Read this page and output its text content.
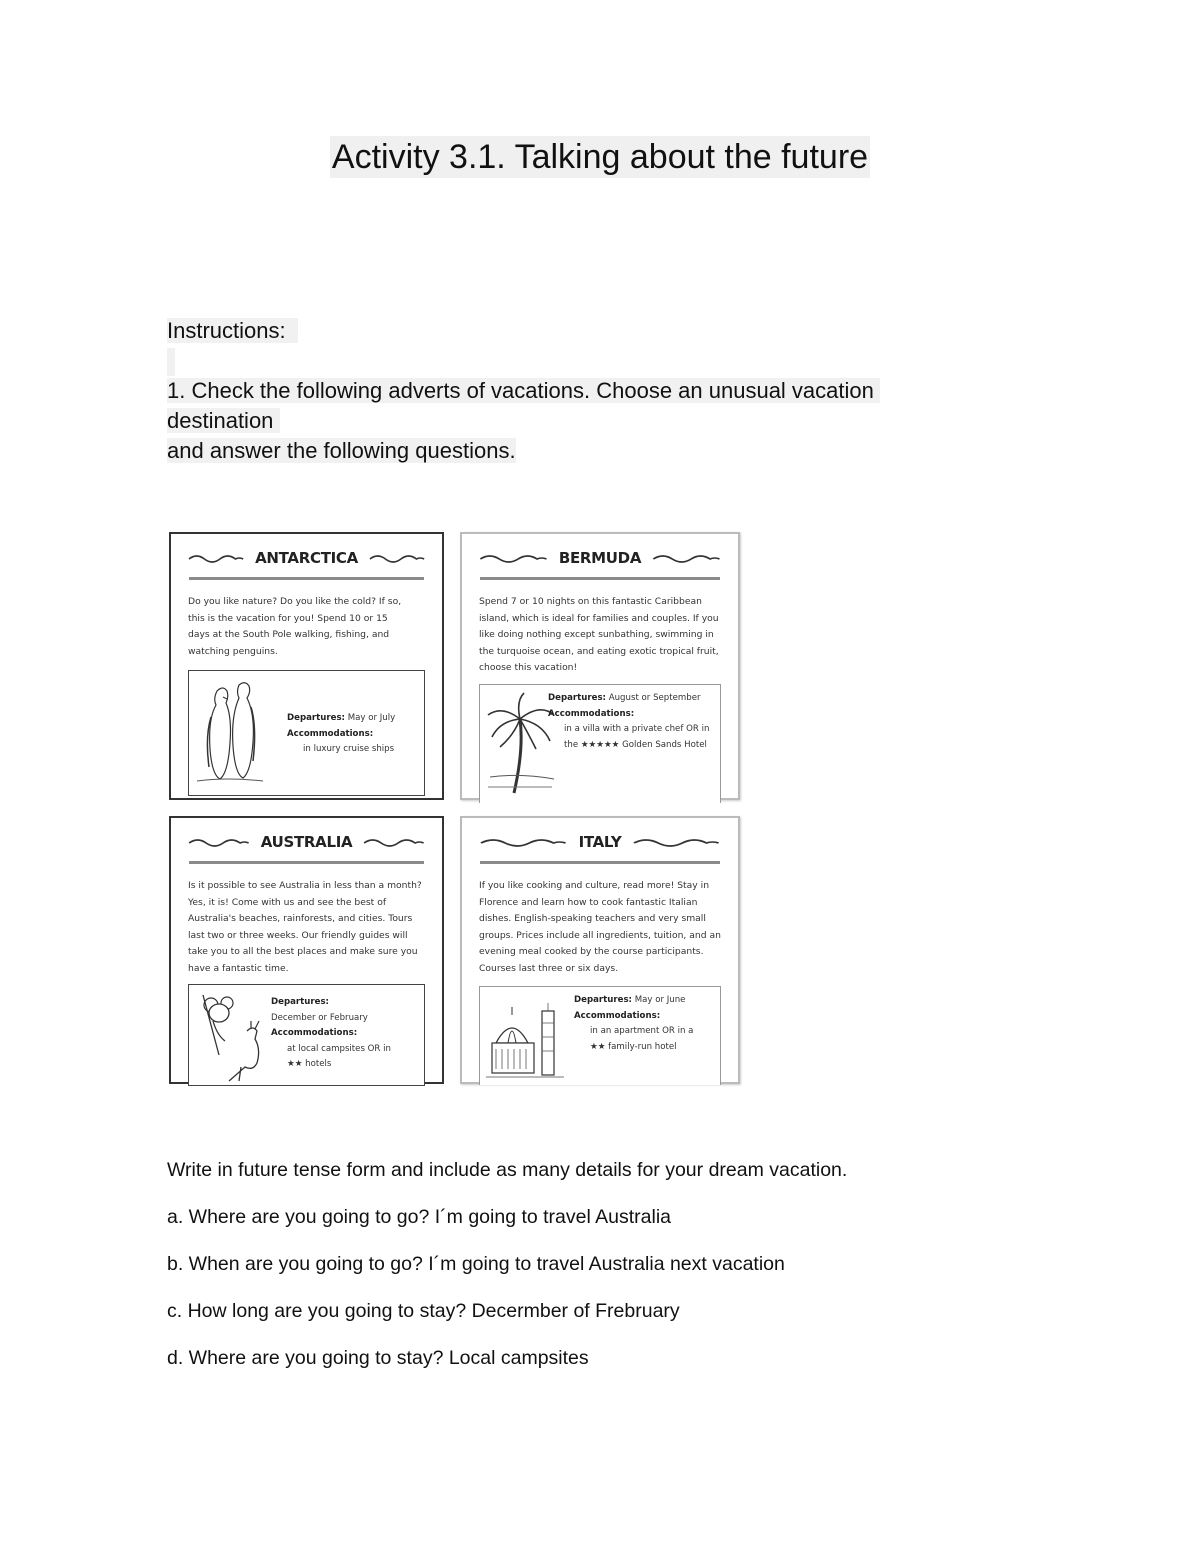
Activity 3.1. Talking about the future
Instructions:
1. Check the following adverts of vacations. Choose an unusual vacation
destination
and answer the following questions.
ANTARCTICA
Do you like nature? Do you like the cold? If so, this is the vacation for you! Spend 10 or 15 days at the South Pole walking, fishing, and watching penguins.
Departures: May or July
Accommodations:
in luxury cruise ships
BERMUDA
Spend 7 or 10 nights on this fantastic Caribbean island, which is ideal for families and couples. If you like doing nothing except sunbathing, swimming in the turquoise ocean, and eating exotic tropical fruit, choose this vacation!
Departures: August or September
Accommodations:
in a villa with a private chef OR in the ★★★★★ Golden Sands Hotel
AUSTRALIA
Is it possible to see Australia in less than a month? Yes, it is! Come with us and see the best of Australia's beaches, rainforests, and cities. Tours last two or three weeks. Our friendly guides will take you to all the best places and make sure you have a fantastic time.
Departures:December or February
Accommodations:
at local campsites OR in ★★ hotels
ITALY
If you like cooking and culture, read more! Stay in Florence and learn how to cook fantastic Italian dishes. English-speaking teachers and very small groups. Prices include all ingredients, tuition, and an evening meal cooked by the course participants. Courses last three or six days.
Departures: May or June
Accommodations:
in an apartment OR in a ★★ family-run hotel
Write in future tense form and include as many details for your dream vacation.
a. Where are you going to go? I´m going to travel Australia
b. When are you going to go? I´m going to travel Australia next vacation
c. How long are you going to stay? Decermber of Frebruary
d. Where are you going to stay? Local campsites
